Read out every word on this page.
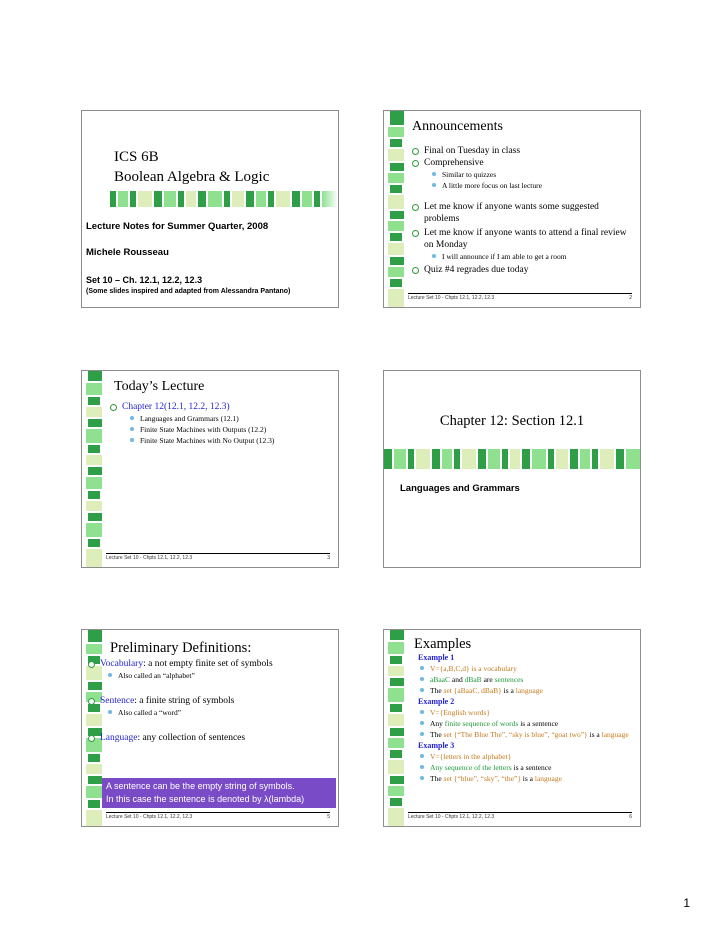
ICS 6B
Boolean Algebra & Logic
Lecture Notes for Summer Quarter, 2008
Michele Rousseau
Set 10 – Ch. 12.1, 12.2, 12.3
(Some slides inspired and adapted from Alessandra Pantano)
Announcements
Final on Tuesday in class
Comprehensive
Similar to quizzes
A little more focus on last lecture
Let me know if anyone wants some suggested problems
Let me know if anyone wants to attend a final review on Monday
I will announce if I am able to get a room
Quiz #4 regrades due today
Lecture Set 10 - Chpts 12.1, 12.2, 12.3	2
Today’s Lecture
Chapter 12(12.1, 12.2, 12.3)
Languages and Grammars (12.1)
Finite State Machines with Outputs (12.2)
Finite State Machines with No Output (12.3)
Lecture Set 10 - Chpts 12.1, 12.2, 12.3	3
Chapter 12: Section 12.1
Languages and Grammars
Preliminary Definitions:
Vocabulary: a not empty finite set of symbols
Also called an “alphabet”
Sentence: a finite string of symbols
Also called a “word”
Language: any collection of sentences
A sentence can be the empty string of symbols.
In this case the sentence is denoted by λ(lambda)
Lecture Set 10 - Chpts 12.1, 12.2, 12.3	5
Examples
Example 1
V={a,B,C,d} is a vocabulary
aBaaC and dBaB are sentences
The set {aBaaC, dBaB} is a language
Example 2
V={English words}
Any finite sequence of words is a sentence
The set {“The Blue The”, “sky is blue”, “goat two”} is a language
Example 3
V={letters in the alphabet}
Any sequence of the letters is a sentence
The set {“blue”, “sky”, “the”} is a language
Lecture Set 10 - Chpts 12.1, 12.2, 12.3	6
1
